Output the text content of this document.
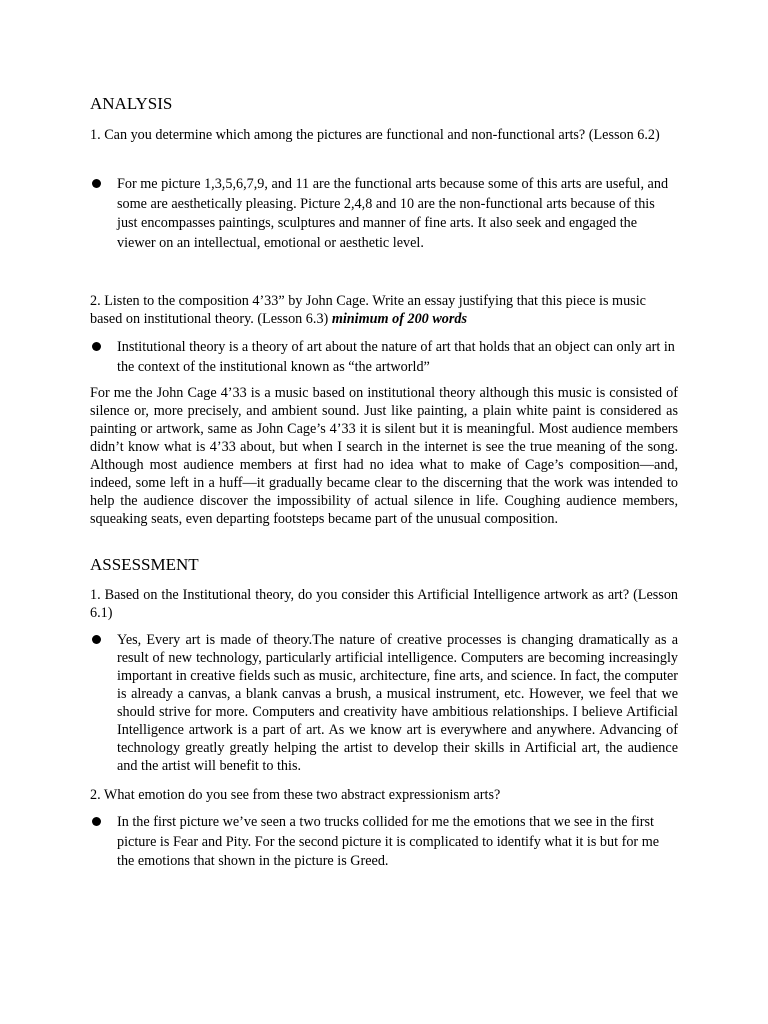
ANALYSIS

1. Can you determine which among the pictures are functional and non-functional arts? (Lesson 6.2)

For me picture 1,3,5,6,7,9, and 11 are the functional arts because some of this arts are useful, and some are aesthetically pleasing. Picture 2,4,8 and 10 are the non-functional arts because of this just encompasses paintings, sculptures and manner of fine arts. It also seek and engaged the viewer on an intellectual, emotional or aesthetic level.

2. Listen to the composition 4’33” by John Cage. Write an essay justifying that this piece is music based on institutional theory. (Lesson 6.3) minimum of 200 words

Institutional theory is a theory of art about the nature of art that holds that an object can only art in the context of the institutional known as “the artworld”

For me the John Cage 4’33 is a music based on institutional theory although this music is consisted of silence or, more precisely, and ambient sound. Just like painting, a plain white paint is considered as painting or artwork, same as John Cage’s 4’33 it is silent but it is meaningful. Most audience members didn’t know what is 4’33 about, but when I search in the internet is see the true meaning of the song. Although most audience members at first had no idea what to make of Cage’s composition—and, indeed, some left in a huff—it gradually became clear to the discerning that the work was intended to help the audience discover the impossibility of actual silence in life. Coughing audience members, squeaking seats, even departing footsteps became part of the unusual composition.

ASSESSMENT

1. Based on the Institutional theory, do you consider this Artificial Intelligence artwork as art? (Lesson 6.1)

Yes, Every art is made of theory.The nature of creative processes is changing dramatically as a result of new technology, particularly artificial intelligence. Computers are becoming increasingly important in creative fields such as music, architecture, fine arts, and science. In fact, the computer is already a canvas, a blank canvas a brush, a musical instrument, etc. However, we feel that we should strive for more. Computers and creativity have ambitious relationships. I believe Artificial Intelligence artwork is a part of art. As we know art is everywhere and anywhere. Advancing of technology greatly greatly helping the artist to develop their skills in Artificial art, the audience and the artist will benefit to this.

2. What emotion do you see from these two abstract expressionism arts?

In the first picture we’ve seen a two trucks collided for me the emotions that we see in the first picture is Fear and Pity. For the second picture it is complicated to identify what it is but for me the emotions that shown in the picture is Greed.
